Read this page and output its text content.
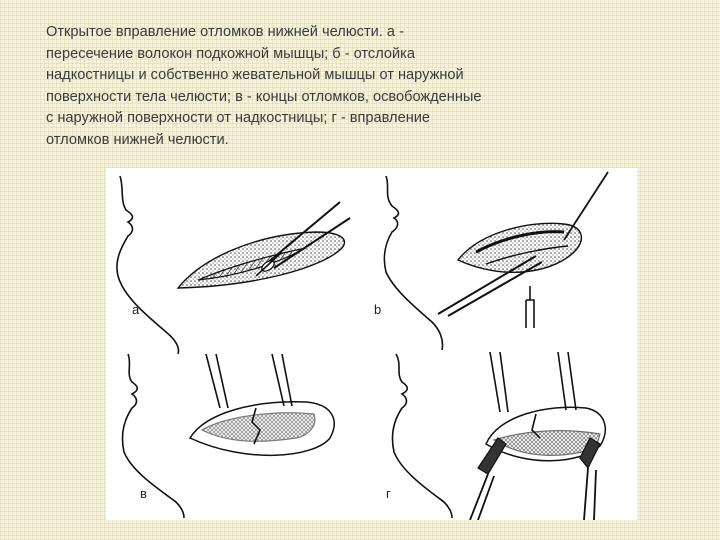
Открытое вправление отломков нижней челюсти. а -
пересечение волокон подкожной мышцы; б - отслойка
надкостницы и собственно жевательной мышцы от наружной
поверхности тела челюсти; в - концы отломков, освобожденные
с наружной поверхности от надкостницы; г - вправление
отломков нижней челюсти.
а	b
в	г
